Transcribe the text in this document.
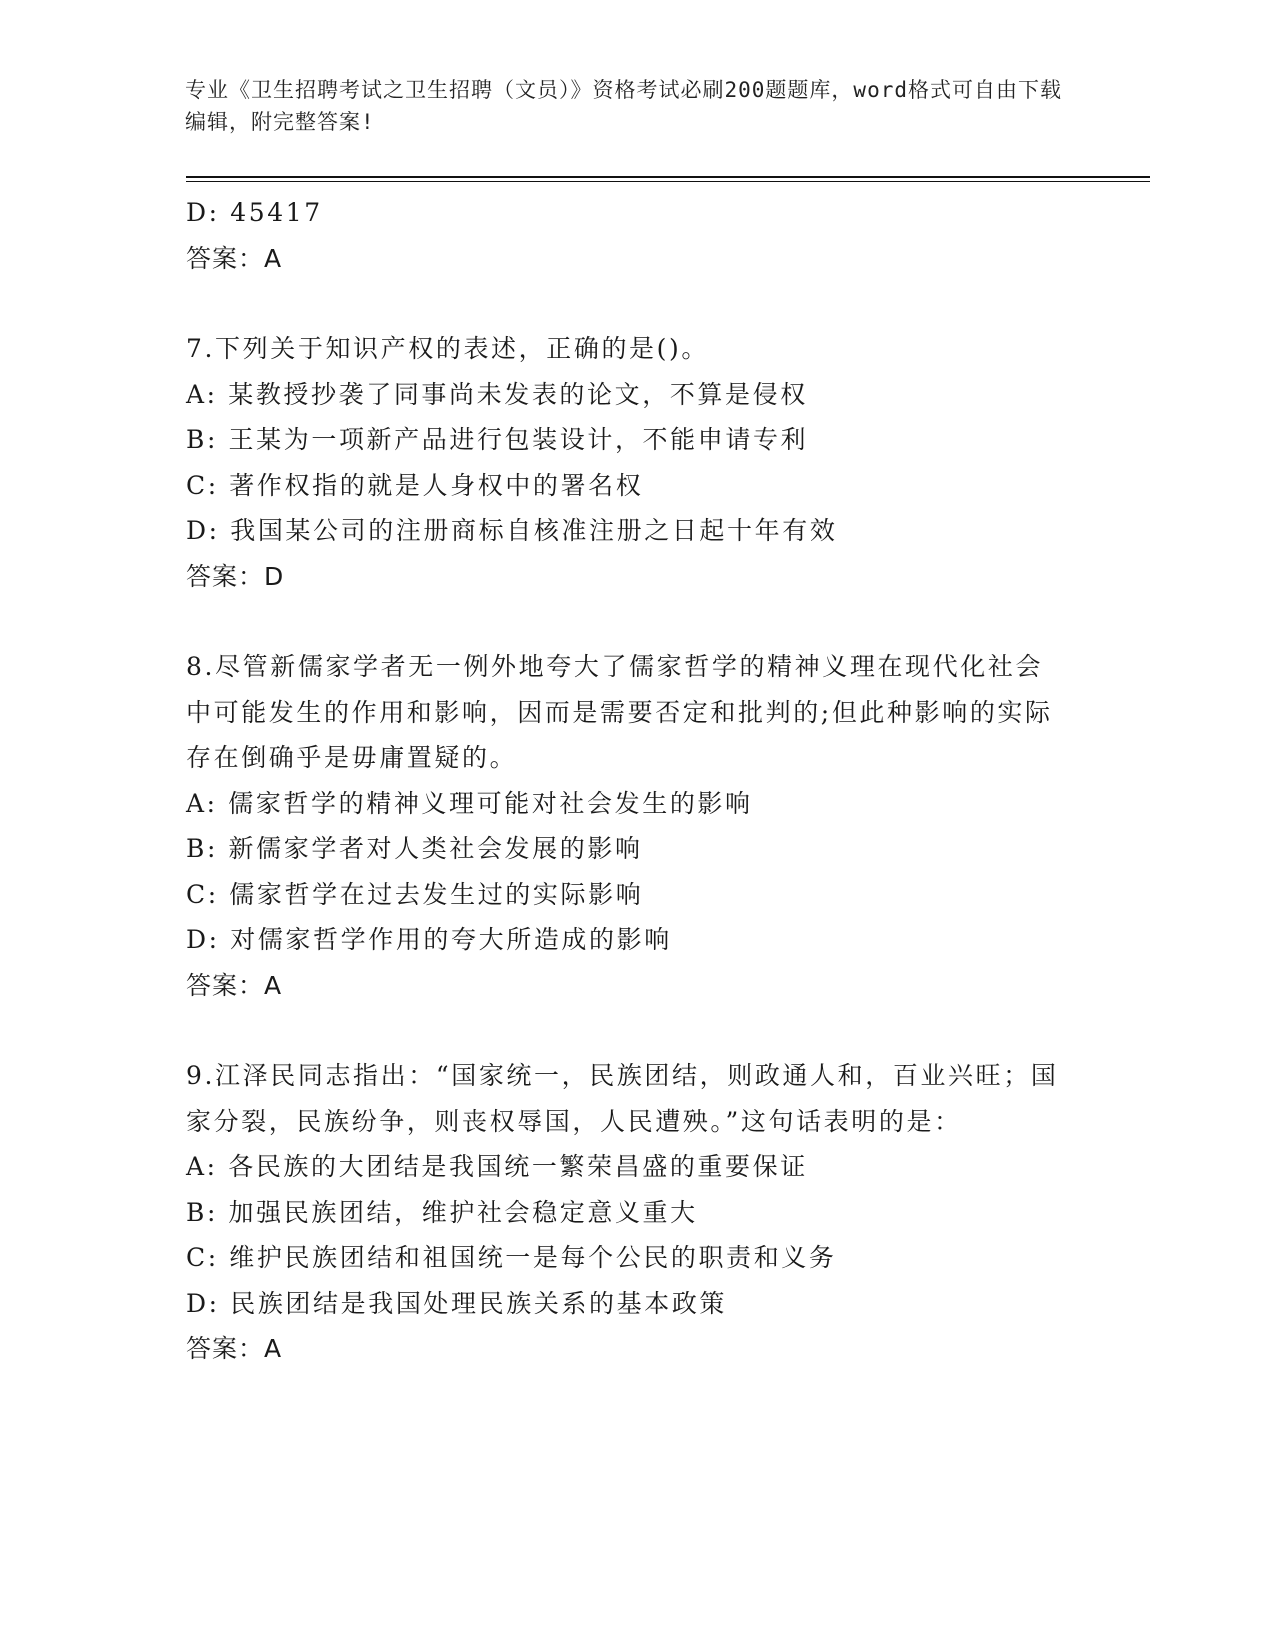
专业《卫生招聘考试之卫生招聘（文员）》资格考试必刷200题题库，word格式可自由下载编辑，附完整答案!
D: 45417
答案：A
7.下列关于知识产权的表述，正确的是()。
A: 某教授抄袭了同事尚未发表的论文，不算是侵权
B: 王某为一项新产品进行包装设计，不能申请专利
C: 著作权指的就是人身权中的署名权
D: 我国某公司的注册商标自核准注册之日起十年有效
答案：D
8.尽管新儒家学者无一例外地夸大了儒家哲学的精神义理在现代化社会中可能发生的作用和影响，因而是需要否定和批判的;但此种影响的实际存在倒确乎是毋庸置疑的。
A: 儒家哲学的精神义理可能对社会发生的影响
B: 新儒家学者对人类社会发展的影响
C: 儒家哲学在过去发生过的实际影响
D: 对儒家哲学作用的夸大所造成的影响
答案：A
9.江泽民同志指出：“国家统一，民族团结，则政通人和，百业兴旺；国家分裂，民族纷争，则丧权辱国，人民遭殃。”这句话表明的是：
A: 各民族的大团结是我国统一繁荣昌盛的重要保证
B: 加强民族团结，维护社会稳定意义重大
C: 维护民族团结和祖国统一是每个公民的职责和义务
D: 民族团结是我国处理民族关系的基本政策
答案：A
